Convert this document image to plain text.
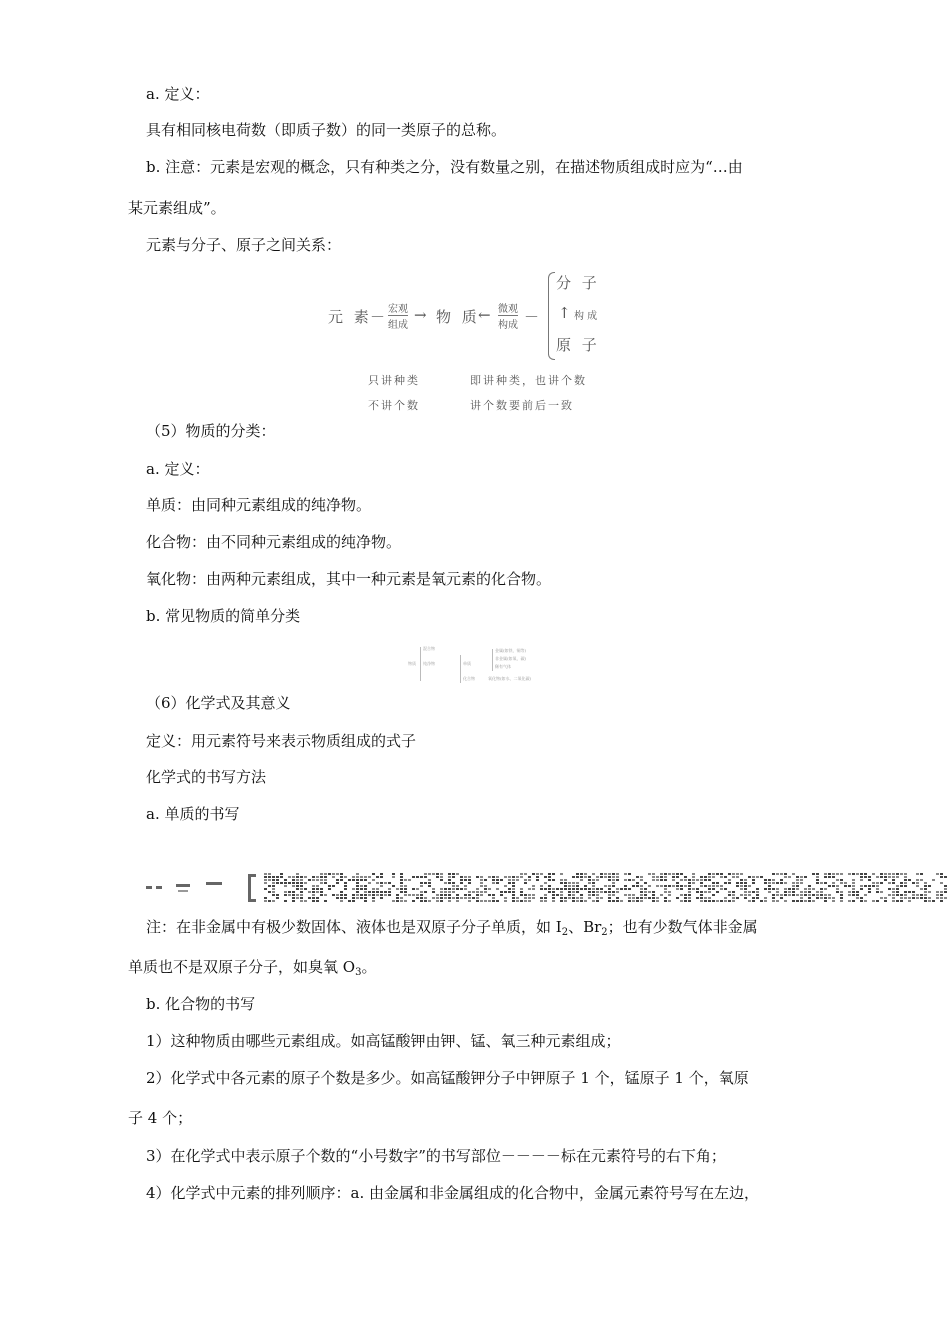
a. 定义：
具有相同核电荷数（即质子数）的同一类原子的总称。
b. 注意：元素是宏观的概念，只有种类之分，没有数量之别，在描述物质组成时应为“…由
某元素组成”。
元素与分子、原子之间关系：
元 素
－ 宏观
组成
→ 物 质
← 微观
构成 －
分 子
↑ 构 成
原 子
只讲种类
不讲个数
即讲种类，也讲个数
讲个数要前后一致
（5）物质的分类：
a. 定义：
单质：由同种元素组成的纯净物。
化合物：由不同种元素组成的纯净物。
氧化物：由两种元素组成，其中一种元素是氧元素的化合物。
b. 常见物质的简单分类
物质
混合物
纯净物	单质
金属(如铁、铜等)
非金属(如氧、碳)
稀有气体
化合物	氧化物(如水、二氧化碳)
（6）化学式及其意义
定义：用元素符号来表示物质组成的式子
化学式的书写方法
a. 单质的书写
注：在非金属中有极少数固体、液体也是双原子分子单质，如 $I_2$、$Br_2$；也有少数气体非金属
单质也不是双原子分子，如臭氧 $O_3$。
b. 化合物的书写
1）这种物质由哪些元素组成。如高锰酸钾由钾、锰、氧三种元素组成；
2）化学式中各元素的原子个数是多少。如高锰酸钾分子中钾原子 1 个，锰原子 1 个，氧原
子 4 个；
3）在化学式中表示原子个数的“小号数字”的书写部位－－－－标在元素符号的右下角；
4）化学式中元素的排列顺序：a. 由金属和非金属组成的化合物中，金属元素符号写在左边，
